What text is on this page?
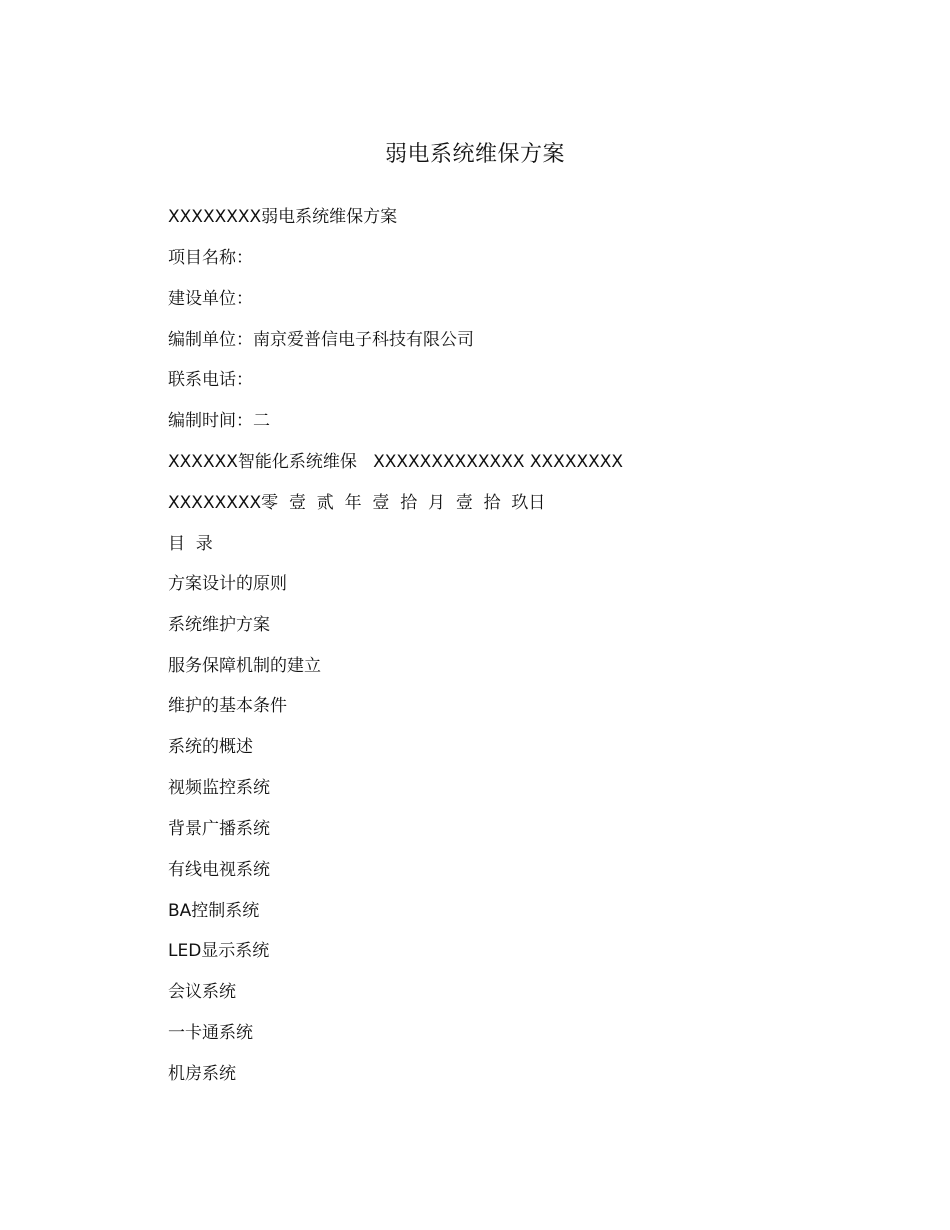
弱电系统维保方案
XXXXXXXX弱电系统维保方案
项目名称：
建设单位：
编制单位：南京爱普信电子科技有限公司
联系电话：
编制时间：二
XXXXXX智能化系统维保   XXXXXXXXXXXXX XXXXXXXX
XXXXXXXX零  壹  贰  年  壹  拾  月  壹  拾  玖日
目  录
方案设计的原则
系统维护方案
服务保障机制的建立
维护的基本条件
系统的概述
视频监控系统
背景广播系统
有线电视系统
BA控制系统
LED显示系统
会议系统
一卡通系统
机房系统
